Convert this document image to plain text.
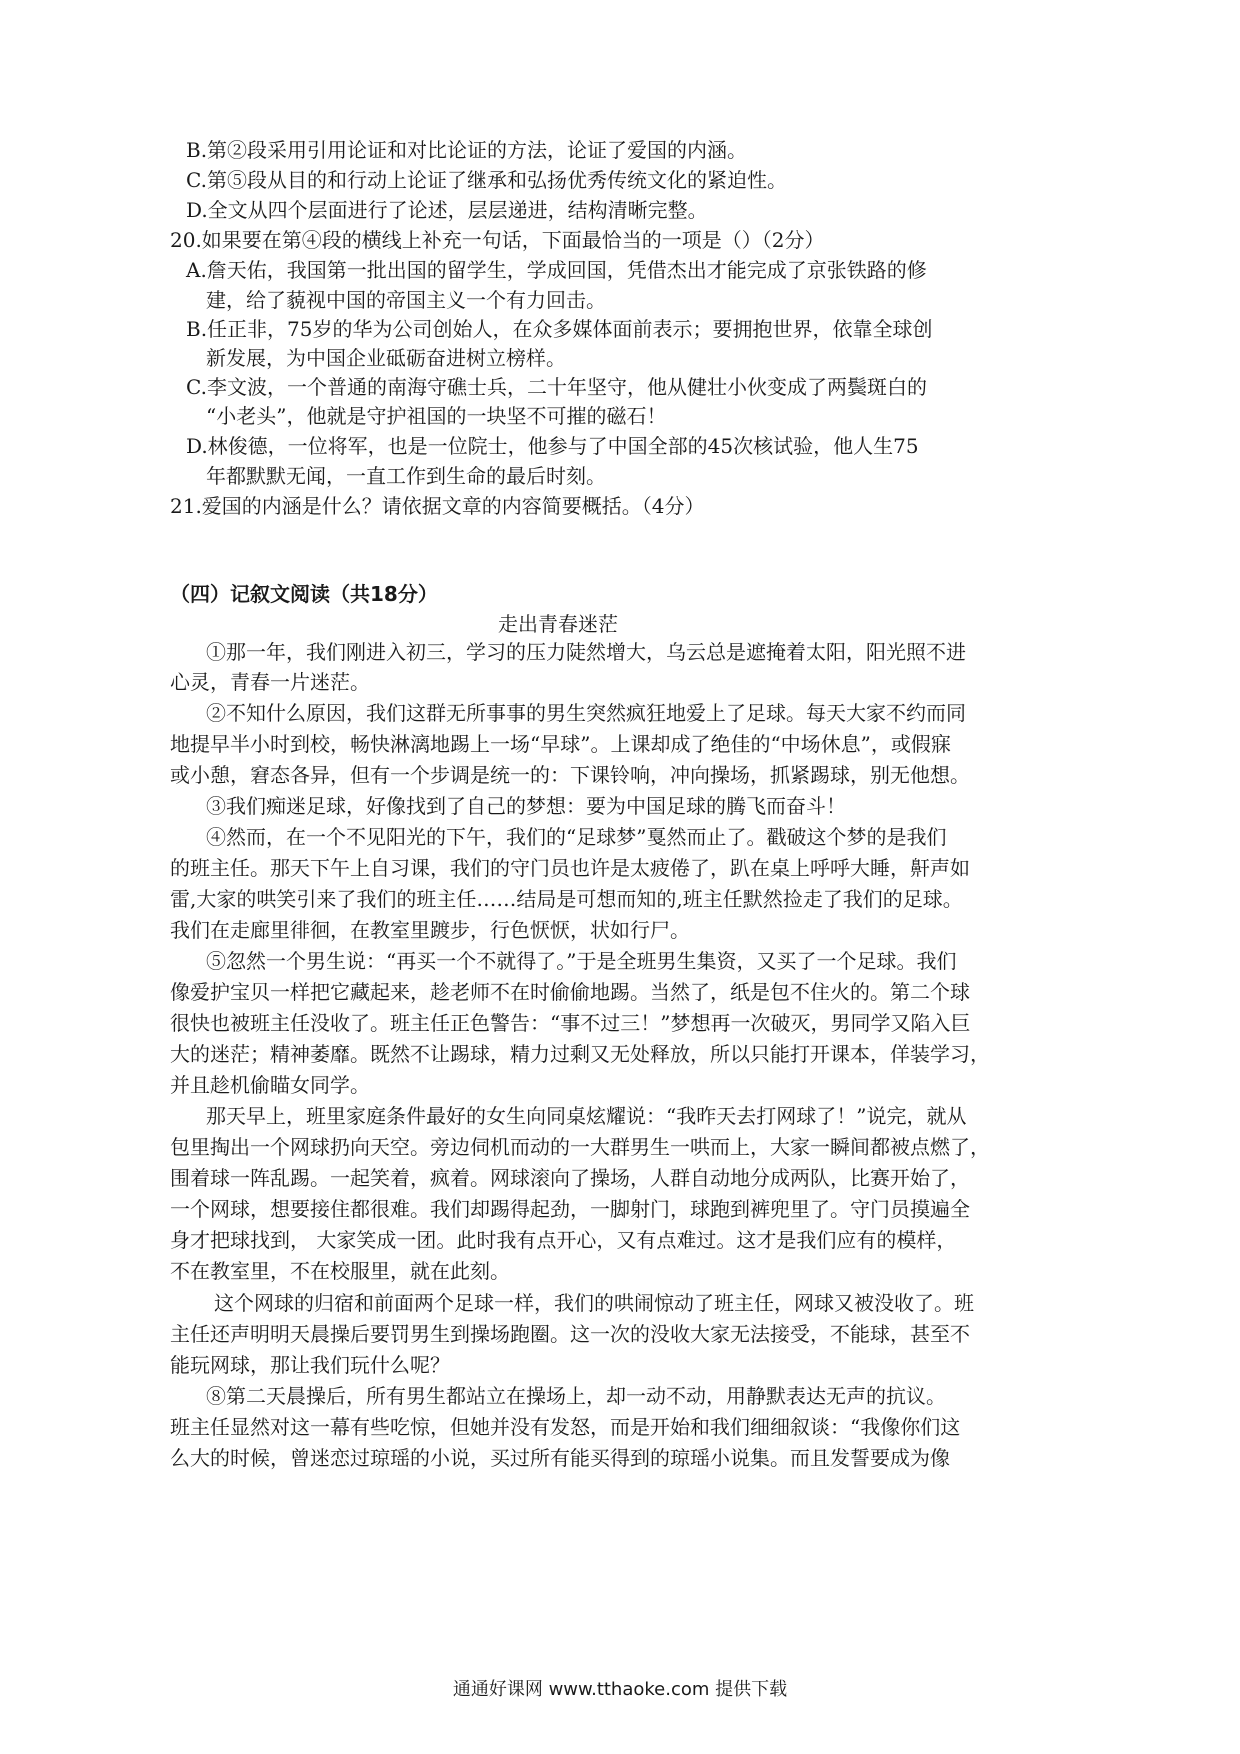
B.第②段采用引用论证和对比论证的方法，论证了爱国的内涵。
C.第⑤段从目的和行动上论证了继承和弘扬优秀传统文化的紧迫性。
D.全文从四个层面进行了论述，层层递进，结构清晰完整。
20.如果要在第④段的横线上补充一句话，下面最恰当的一项是（）（2分）
A.詹天佑，我国第一批出国的留学生，学成回国，凭借杰出才能完成了京张铁路的修
建，给了藐视中国的帝国主义一个有力回击。
B.任正非，75岁的华为公司创始人，在众多媒体面前表示；要拥抱世界，依靠全球创
新发展，为中国企业砥砺奋进树立榜样。
C.李文波，一个普通的南海守礁士兵，二十年坚守，他从健壮小伙变成了两鬓斑白的
“小老头”，他就是守护祖国的一块坚不可摧的磁石！
D.林俊德，一位将军，也是一位院士，他参与了中国全部的45次核试验，他人生75
年都默默无闻，一直工作到生命的最后时刻。
21.爱国的内涵是什么？请依据文章的内容简要概括。（4分）
（四）记叙文阅读（共18分）
走出青春迷茫
①那一年，我们刚进入初三，学习的压力陡然增大，乌云总是遮掩着太阳，阳光照不进
心灵，青春一片迷茫。
②不知什么原因，我们这群无所事事的男生突然疯狂地爱上了足球。每天大家不约而同
地提早半小时到校，畅快淋漓地踢上一场“早球”。上课却成了绝佳的“中场休息”，或假寐
或小憩，窘态各异，但有一个步调是统一的：下课铃响，冲向操场，抓紧踢球，别无他想。
③我们痴迷足球，好像找到了自己的梦想：要为中国足球的腾飞而奋斗！
④然而，在一个不见阳光的下午，我们的“足球梦”戛然而止了。戳破这个梦的是我们
的班主任。那天下午上自习课，我们的守门员也许是太疲倦了，趴在桌上呼呼大睡，鼾声如
雷,大家的哄笑引来了我们的班主任……结局是可想而知的,班主任默然捡走了我们的足球。
我们在走廊里徘徊，在教室里踱步，行色恹恹，状如行尸。
⑤忽然一个男生说：“再买一个不就得了。”于是全班男生集资，又买了一个足球。我们
像爱护宝贝一样把它藏起来，趁老师不在时偷偷地踢。当然了，纸是包不住火的。第二个球
很快也被班主任没收了。班主任正色警告：“事不过三！”梦想再一次破灭，男同学又陷入巨
大的迷茫；精神萎靡。既然不让踢球，精力过剩又无处释放，所以只能打开课本，佯装学习，
并且趁机偷瞄女同学。
那天早上，班里家庭条件最好的女生向同桌炫耀说：“我昨天去打网球了！”说完，就从
包里掏出一个网球扔向天空。旁边伺机而动的一大群男生一哄而上，大家一瞬间都被点燃了，
围着球一阵乱踢。一起笑着，疯着。网球滚向了操场，人群自动地分成两队，比赛开始了，
一个网球，想要接住都很难。我们却踢得起劲，一脚射门，球跑到裤兜里了。守门员摸遍全
身才把球找到， 大家笑成一团。此时我有点开心，又有点难过。这才是我们应有的模样，
不在教室里，不在校服里，就在此刻。
这个网球的归宿和前面两个足球一样，我们的哄闹惊动了班主任，网球又被没收了。班
主任还声明明天晨操后要罚男生到操场跑圈。这一次的没收大家无法接受，不能球，甚至不
能玩网球，那让我们玩什么呢？
⑧第二天晨操后，所有男生都站立在操场上，却一动不动，用静默表达无声的抗议。
班主任显然对这一幕有些吃惊，但她并没有发怒，而是开始和我们细细叙谈：“我像你们这
么大的时候，曾迷恋过琼瑶的小说，买过所有能买得到的琼瑶小说集。而且发誓要成为像
通通好课网 www.tthaoke.com 提供下载
